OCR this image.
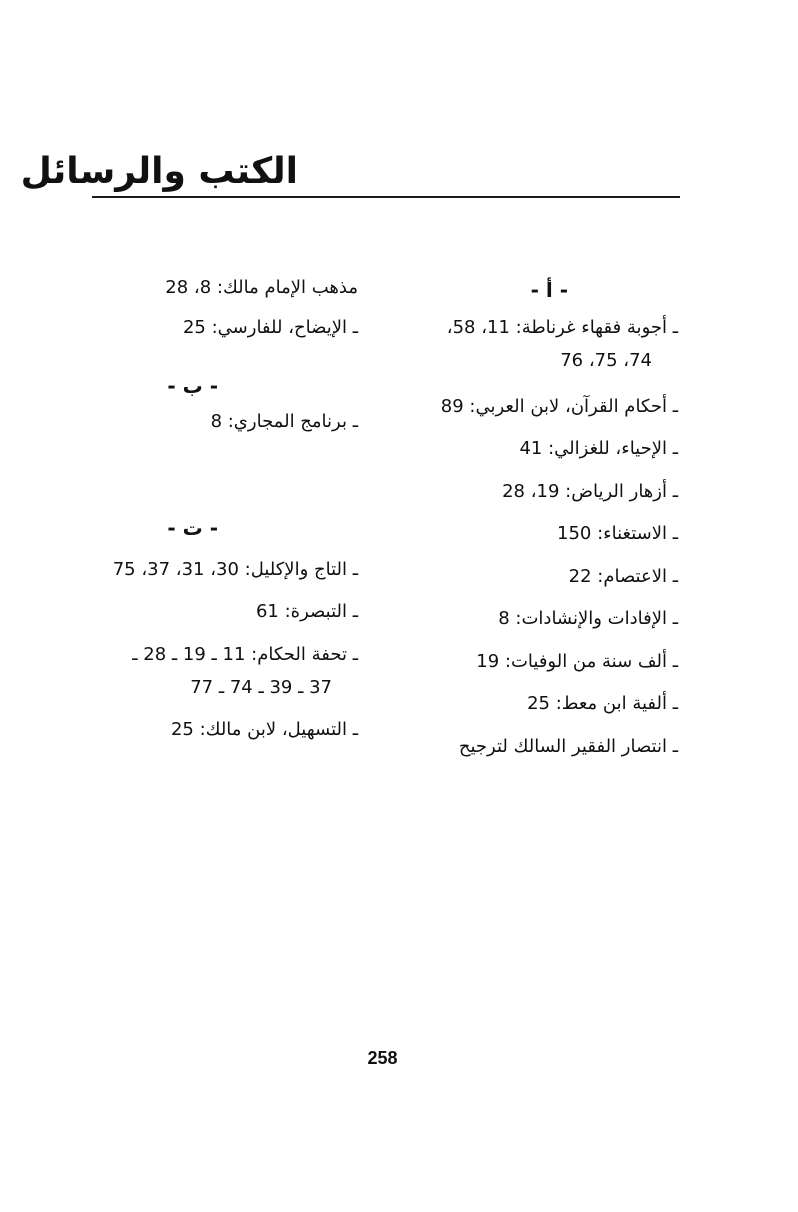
الكتب والرسائل
- أ -
ـ أجوبة فقهاء غرناطة: 11، 58،
74، 75، 76
ـ أحكام القرآن، لابن العربي: 89
ـ الإحياء، للغزالي: 41
ـ أزهار الرياض: 19، 28
ـ الاستغناء: 150
ـ الاعتصام: 22
ـ الإفادات والإنشادات: 8
ـ ألف سنة من الوفيات: 19
ـ ألفية ابن معط: 25
ـ انتصار الفقير السالك لترجيح
مذهب الإمام مالك: 8، 28
ـ الإيضاح، للفارسي: 25
- ب -
ـ برنامج المجاري: 8
- ت -
ـ التاج والإكليل: 30، 31، 37، 75
ـ التبصرة: 61
ـ تحفة الحكام: 11 ـ 19 ـ 28 ـ
37 ـ 39 ـ 74 ـ 77
ـ التسهيل، لابن مالك: 25
258
